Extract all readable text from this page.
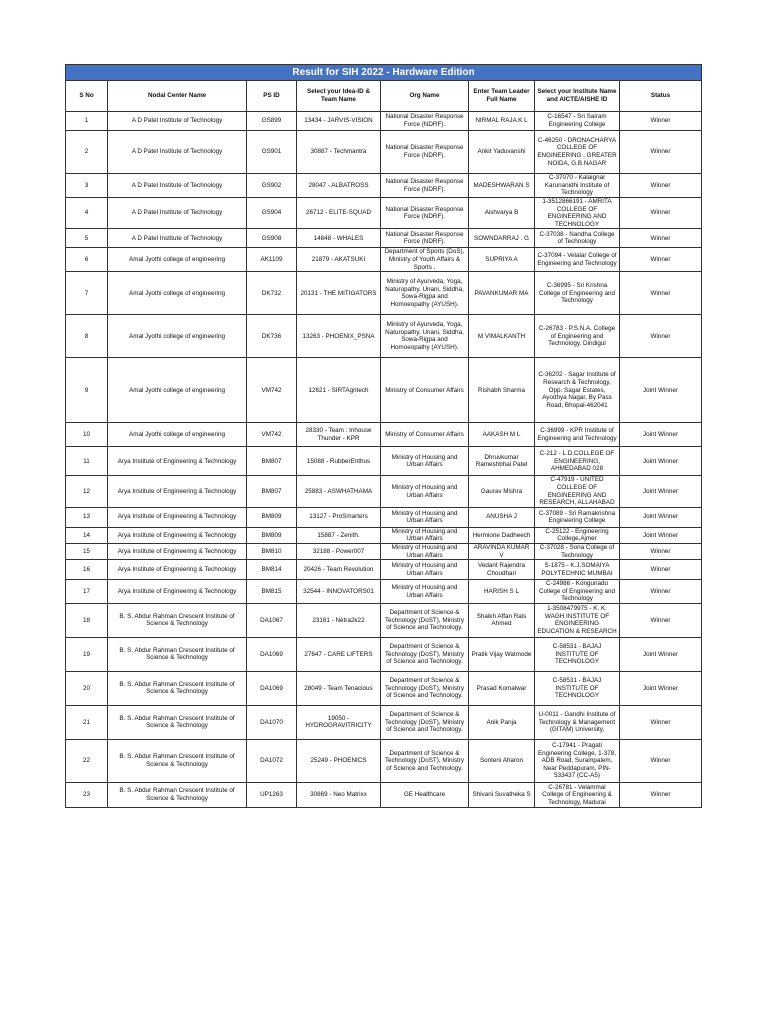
Result for SIH 2022 - Hardware Edition							
S No	Nodal Center Name	PS ID	Select your Idea-ID & Team Name	Org Name	Enter Team Leader Full Name	Select your Institute Name and AICTE/AISHE ID	Status
1	A D Patel Institute of Technology	GS899	13434 - JARVIS-VISION	National Disaster Response Force (NDRF).	NIRMAL RAJA K L	C-16547 - Sri Sairam Engineering College	Winner
2	A D Patel Institute of Technology	GS901	30887 - Techmantra	National Disaster Response Force (NDRF).	Ankit Yaduvanshi	C-46250 - DRONACHARYA COLLEGE OF ENGINEERING , GREATER NOIDA, G.B.NAGAR	Winner
3	A D Patel Institute of Technology	GS902	28047 - ALBATROSS	National Disaster Response Force (NDRF).	MADESHWARAN S	C-37070 - Kalaignar Karunanidhi Institute of Technology	Winner
4	A D Patel Institute of Technology	GS904	26712 - ELITE-SQUAD	National Disaster Response Force (NDRF).	Aishvarya B	1-3512866191 - AMRITA COLLEGE OF ENGINEERING AND TECHNOLOGY	Winner
5	A D Patel Institute of Technology	GS908	14848 - WHALES	National Disaster Response Force (NDRF).	SOWNDARRAJ . G	C-37038 - Nandha College of Technology	Winner
6	Amal Jyothi college of engineering	AK1109	21879 - AKATSUKI	Department of Sports (DoS), Ministry of Youth Affairs & Sports .	SUPRIYA A	C-37094 - Velalar College of Engineering and Technology	Winner
7	Amal Jyothi college of engineering	DK732	20131 - THE MITIGATORS	Ministry of Ayurveda, Yoga, Naturopathy, Unani, Siddha, Sowa-Rigpa and Homoeopathy (AYUSH).	PAVANKUMAR MA	C-36995 - Sri Krishna College of Engineering and Technology	Winner
8	Amal Jyothi college of engineering	DK736	13263 - PHOENIX_PSNA	Ministry of Ayurveda, Yoga, Naturopathy, Unani, Siddha, Sowa-Rigpa and Homoeopathy (AYUSH).	M VIMALKANTH	C-26783 - P.S.N.A. College of Engineering and Technology, Dindigul	Winner
9	Amal Jyothi college of engineering	VM742	12621 - SIRTAgritech	Ministry of Consumer Affairs	Rishabh Sharma	C-36202 - Sagar Institute of Research & Technology, Opp. Sagar Estates, Ayodhya Nagar, By Pass Road, Bhopal-462041	Joint Winner
10	Amal Jyothi college of engineering	VM742	28330 - Team : Inhouse Thunder - KPR	Ministry of Consumer Affairs	AAKASH M L	C-36999 - KPR Institute of Engineering and Technology	Joint Winner
11	Arya Institute of Engineering & Technology	BM807	15088 - RubberEnthus	Ministry of Housing and Urban Affairs	Dhruvkumar Rameshbhai Patel	C-212 - L.D.COLLEGE OF ENGINEERING, AHMEDABAD 028	Joint Winner
12	Arya Institute of Engineering & Technology	BM807	25883 - ASWHATHAMA	Ministry of Housing and Urban Affairs	Gaurav Mishra	C-47919 - UNITED COLLEGE OF ENGINEERING AND RESEARCH, ALLAHABAD	Joint Winner
13	Arya Institute of Engineering & Technology	BM809	13127 - ProSmarters	Ministry of Housing and Urban Affairs	ANUSHA J	C-37089 - Sri Ramakrishna Engineering College	Joint Winner
14	Arya Institute of Engineering & Technology	BM809	15887 - Zenith.	Ministry of Housing and Urban Affairs	Hermione Dadheech	C-25122 - Engineering College,Ajmer	Joint Winner
15	Arya Institute of Engineering & Technology	BM810	32188 - Power007	Ministry of Housing and Urban Affairs	ARAVINDA KUMAR V	C-37028 - Sona College of Technology	Winner
16	Arya Institute of Engineering & Technology	BM814	20426 - Team Revolution	Ministry of Housing and Urban Affairs	Vedant Rajendra Choudhari	S-1875 - K.J.SOMAIYA POLYTECHNIC MUMBAI	Winner
17	Arya Institute of Engineering & Technology	BM815	32544 - INNOVATORS01	Ministry of Housing and Urban Affairs	HARISH S L	C-24986 - Kongunadu College of Engineering and Technology	Winner
18	B. S. Abdur Rahman Crescent Institute of Science & Technology	DA1067	23161 - Netra2k22	Department of Science & Technology (DoST), Ministry of Science and Technology.	Shaikh Affan Rais Ahmed	1-3508479975 - K. K. WAGH INSTITUTE OF ENGINEERING EDUCATION & RESEARCH	Winner
19	B. S. Abdur Rahman Crescent Institute of Science & Technology	DA1069	27647 - CARE LIFTERS	Department of Science & Technology (DoST), Ministry of Science and Technology.	Pratik Vijay Watmode	C-58531 - BAJAJ INSTITUTE OF TECHNOLOGY	Joint Winner
20	B. S. Abdur Rahman Crescent Institute of Science & Technology	DA1069	28049 - Team Tenacious	Department of Science & Technology (DoST), Ministry of Science and Technology.	Prasad Komalwar	C-58531 - BAJAJ INSTITUTE OF TECHNOLOGY	Joint Winner
21	B. S. Abdur Rahman Crescent Institute of Science & Technology	DA1070	19050 - HYDROGRAVITRICITY	Department of Science & Technology (DoST), Ministry of Science and Technology.	Anik Panja	U-0011 - Gandhi Institute of Technology & Management (GITAM) University,	Winner
22	B. S. Abdur Rahman Crescent Institute of Science & Technology	DA1072	25249 - PHOENICS	Department of Science & Technology (DoST), Ministry of Science and Technology.	Sonteni Aharon	C-17941 - Pragati Engineering College, 1-378, ADB Road, Surampalem, Near Peddapuram, PIN-533437 (CC-A5)	Winner
23	B. S. Abdur Rahman Crescent Institute of Science & Technology	UP1263	30869 - Neo Matrixx	GE Healthcare	Shivani Suvatheka S	C-26781 - Velammal College of Engineering & Technology, Madurai	Winner
